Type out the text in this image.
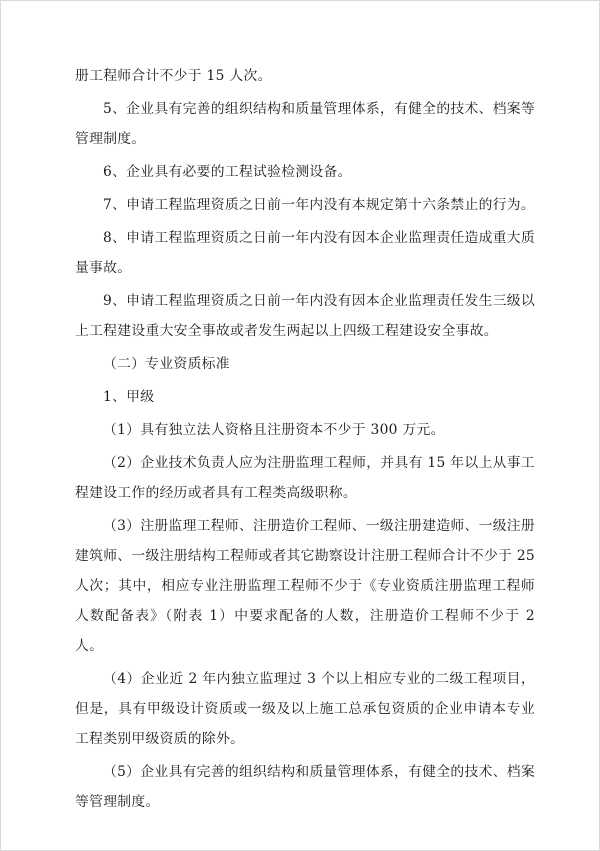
册工程师合计不少于 15 人次。

5、企业具有完善的组织结构和质量管理体系，有健全的技术、档案等管理制度。

6、企业具有必要的工程试验检测设备。

7、申请工程监理资质之日前一年内没有本规定第十六条禁止的行为。

8、申请工程监理资质之日前一年内没有因本企业监理责任造成重大质量事故。

9、申请工程监理资质之日前一年内没有因本企业监理责任发生三级以上工程建设重大安全事故或者发生两起以上四级工程建设安全事故。

（二）专业资质标准

1、甲级

（1）具有独立法人资格且注册资本不少于 300 万元。

（2）企业技术负责人应为注册监理工程师，并具有 15 年以上从事工程建设工作的经历或者具有工程类高级职称。

（3）注册监理工程师、注册造价工程师、一级注册建造师、一级注册建筑师、一级注册结构工程师或者其它勘察设计注册工程师合计不少于 25 人次；其中，相应专业注册监理工程师不少于《专业资质注册监理工程师人数配备表》（附表 1）中要求配备的人数，注册造价工程师不少于 2 人。

（4）企业近 2 年内独立监理过 3 个以上相应专业的二级工程项目，但是，具有甲级设计资质或一级及以上施工总承包资质的企业申请本专业工程类别甲级资质的除外。

（5）企业具有完善的组织结构和质量管理体系，有健全的技术、档案等管理制度。
